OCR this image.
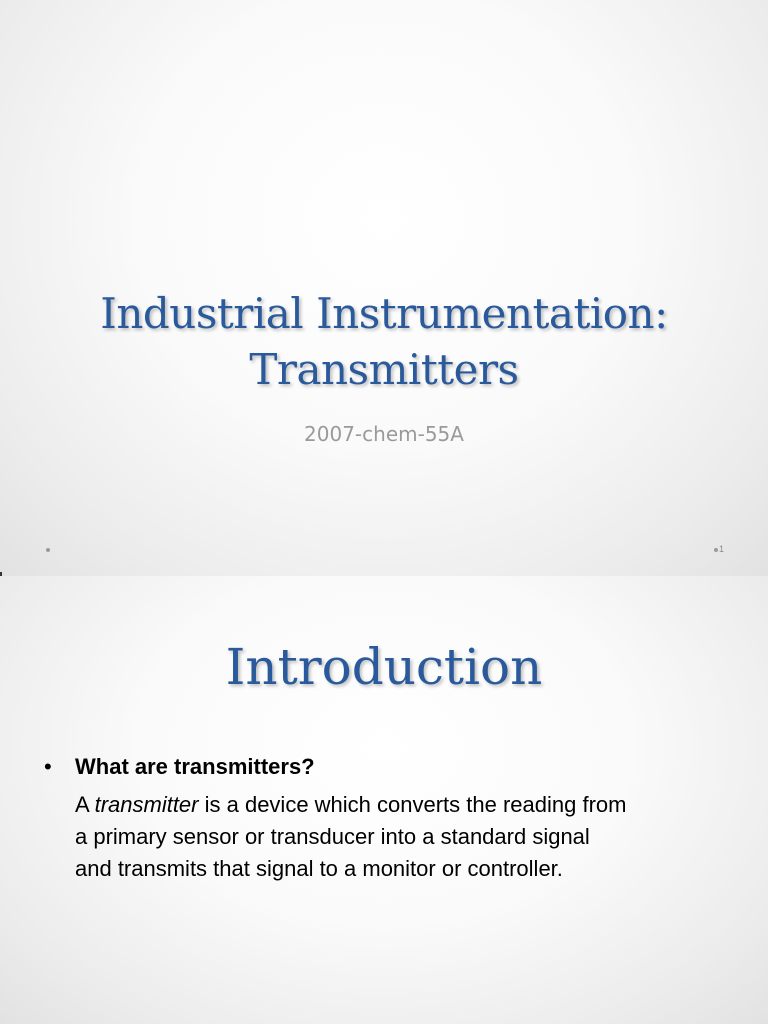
Industrial Instrumentation:
Transmitters
2007-chem-55A
1
Introduction
• What are transmitters?
A transmitter is a device which converts the reading from
a primary sensor or transducer into a standard signal
and transmits that signal to a monitor or controller.
